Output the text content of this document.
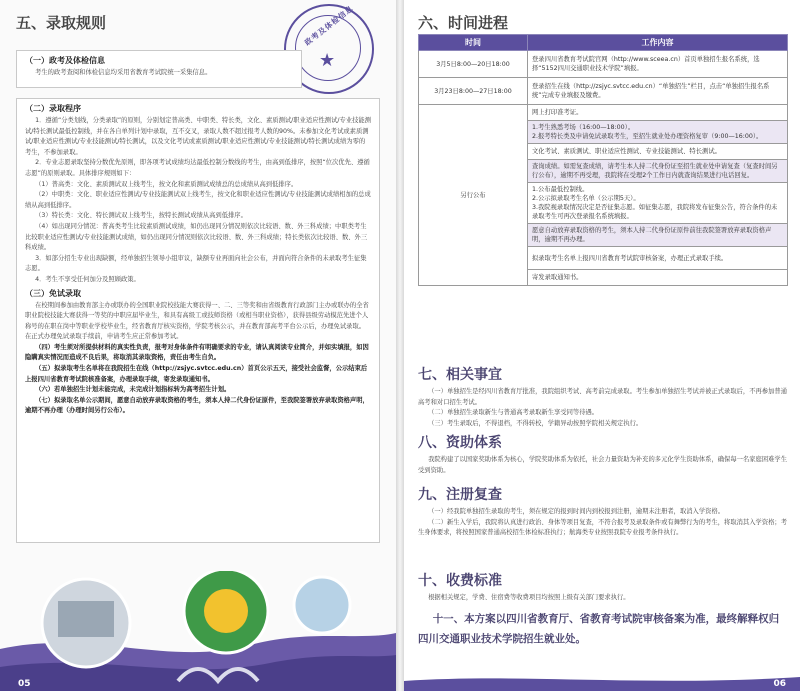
五、录取规则	政考及体检信息
★
（一）政考及体检信息

考生的政考查阅和体检信息均采用省教育考试院统一采集信息。

（二）录取程序

1．遵循“分类划线，分类录取”的原则，分别划定普高类、中职类、特长类，文化、素质测试/职业适应性测试/专业技能测试/特长测试最低控制线，并在各自单列计划中录取，互不交叉，录取人数不超过报考人数的90%。未参加文化考试或素质测试/职业适应性测试/专业技能测试/特长测试，以及文化考试或素质测试/职业适应性测试/专业技能测试/特长测试成绩为零的考生，不参加录取。

2．专业志愿录取坚持分数优先原则，即各项考试成绩均达最低控制分数线的考生，由高到低排序，按照“位次优先、遵循志愿”的原则录取。具体排序规则如下：

（1）普高类：文化、素质测试双上线考生，按文化和素质测试成绩总的总成绩从高到低排序。

（2）中职类：文化、职业适应性测试/专业技能测试双上线考生，按文化和职业适应性测试/专业技能测试成绩相加的总成绩从高到低排序。

（3）特长类：文化、特长测试双上线考生，按特长测试成绩从高到低排序。

（4）如出现同分情况：普高类考生比较素质测试成绩，如仍出现同分情况则依次比较语、数、外三科成绩；中职类考生比较职业适应性测试/专业技能测试成绩，如仍出现同分情况则依次比较语、数、外三科成绩；特长类依次比较语、数、外三科成绩。

3．如部分招生专业出现缺额，经单独招生领导小组审议，缺额专业再面向社会公布，并面向符合条件的未录取考生征集志愿。

4．考生不享受任何加分及照顾政策。

（三）免试录取

在校期间参加由教育部主办或联办的全国职业院校技能大赛获得一、二、三等奖和由省级教育行政部门主办或联办的全省职业院校技能大赛获得一等奖的中职应届毕业生，和具有高级工或技师资格（或相当职业资格），获得县级劳动模范先进个人称号的在职在岗中等职业学校毕业生，经省教育厅核实资格，学院考核公示，并在教育部高考平台公示后，办理免试录取。在正式办理免试录取手续前，申请考生应正常参加考试。

（四）考生须对所提供材料的真实性负责，报考对身体条件有明确要求的专业，请认真阅读专业简介，并如实填报，如因隐瞒真实情况而造成不良后果，将取消其录取资格，责任由考生自负。

（五）拟录取考生名单将在我院招生在线（http://zsjyc.svtcc.edu.cn）首页公示五天，接受社会监督，公示结束后上报四川省教育考试院核准备案，办理录取手续，寄发录取通知书。

（六）若单独招生计划未能完成，未完成计划指标转为高考招生计划。

（七）拟录取名单公示期间，愿意自动放弃录取资格的考生，须本人持二代身份证原件，至我院签署放弃录取资格声明，逾期不再办理（办理时间另行公布）。

05
六、时间进程
时间	工作内容
3月5日8:00—20日18:00	登录四川省教育考试院官网（http://www.sceea.cn）首页单独招生报名系统，选择“5152四川交通职业技术学院”填报。
3月23日8:00—27日18:00	登录招生在线（http://zsjyc.svtcc.edu.cn）“单独招生”栏目，点击“单独招生报名系统”完成专业填报及缴费。
另行公布	网上打印准考证。
	1.考生熟悉考场（16:00—18:00）。
2.报考特长类及申请免试录取考生，至招生就业处办理资格复审（9:00—16:00）。
	文化考试、素质测试、职业适应性测试、专业技能测试、特长测试。
	查询成绩。如需复查成绩，请考生本人持二代身份证至招生就业处申请复查（复查时间另行公布），逾期不再受理，我院将在受理2个工作日内就查询结果进行电话回复。
	1.公布最低控制线。
2.公示拟录取考生名单（公示期5天）。
3.我院视录取情况决定是否征集志愿。如征集志愿，我院将发布征集公告，符合条件的未录取考生可再次登录报名系统填报。
	愿意自动放弃录取资格的考生，须本人持二代身份证原件前往我院签署放弃录取资格声明，逾期不再办理。
	拟录取考生名单上报四川省教育考试院审核备案，办理正式录取手续。
	寄发录取通知书。
七、相关事宜

（一）单独招生是经四川省教育厅批准，我院组织考试、高考前完成录取。考生参加单独招生考试并被正式录取后，不再参加普通高考和对口招生考试。

（二）单独招生录取新生与普通高考录取新生享受同等待遇。

（三）考生录取后，不得退档，不得转校，学籍异动按照学院相关规定执行。

八、资助体系

我院构建了以国家奖助体系为核心，学院奖助体系为依托，社会力量资助为补充的多元化学生资助体系，确保每一名家庭困难学生受到资助。

九、注册复查

（一）经我院单独招生录取的考生，须在规定的报到时间内到校报到注册，逾期未注册者，取消入学资格。

（二）新生入学后，我院将认真进行政治、身体等项目复查，不符合报考及录取条件或有舞弊行为的考生，将取消其入学资格；考生身体要求，将按照国家普通高校招生体检标准执行；航海类专业按照我院专业报考条件执行。

十、收费标准

根据相关规定，学费、住宿费等收费项目均按照上级有关部门要求执行。

十一、本方案以四川省教育厅、省教育考试院审核备案为准，最终解释权归四川交通职业技术学院招生就业处。
06
